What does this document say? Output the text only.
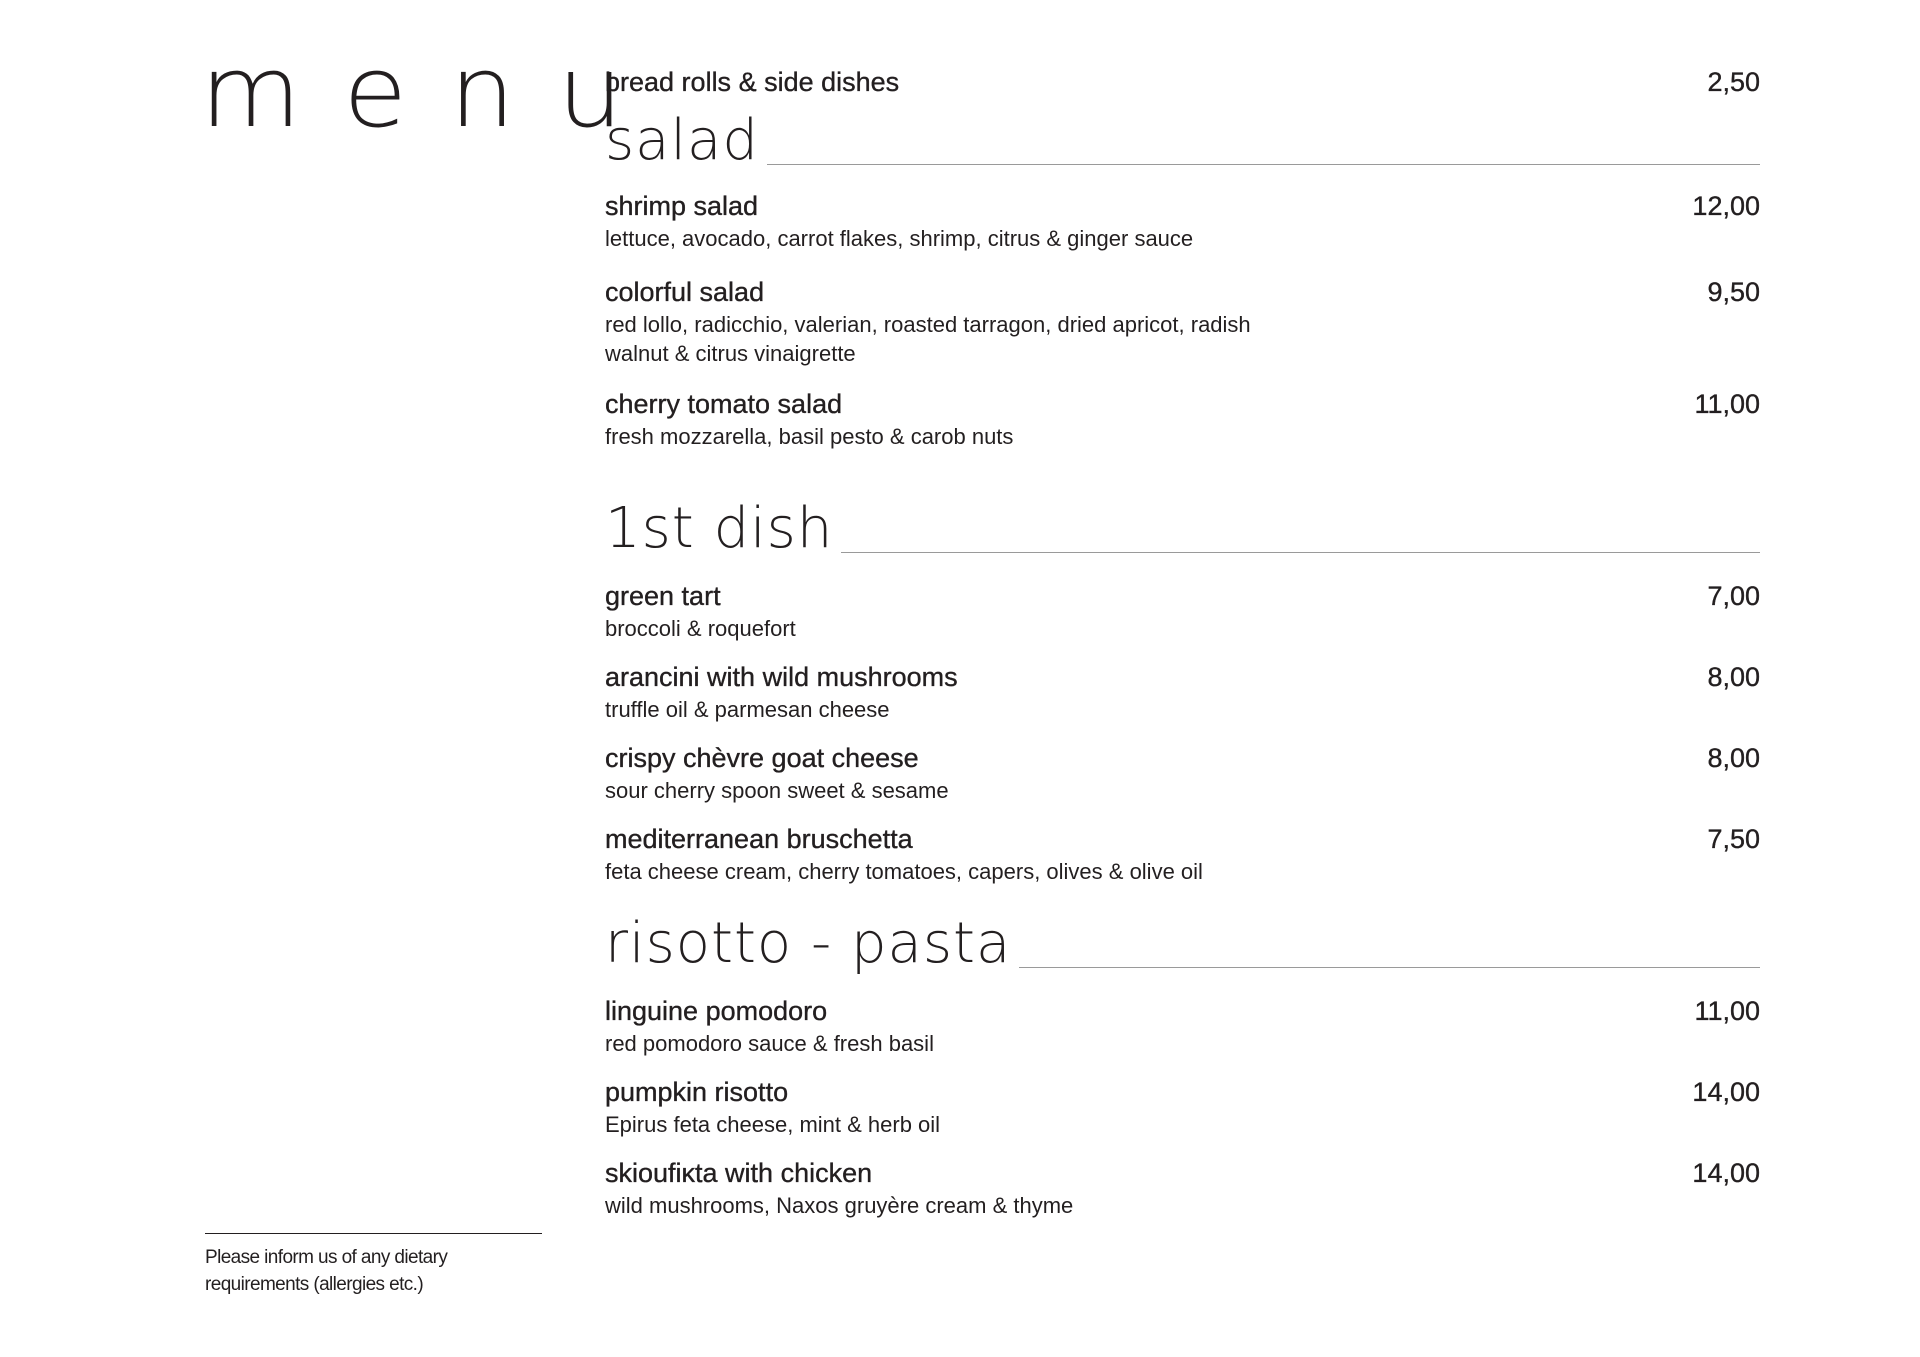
menu
Please inform us of any dietary
requirements (allergies etc.)
bread rolls & side dishes	2,50
salad
shrimp salad	12,00
lettuce, avocado, carrot flakes, shrimp, citrus & ginger sauce
colorful salad	9,50
red lollo, radicchio, valerian, roasted tarragon, dried apricot, radish
walnut & citrus vinaigrette
cherry tomato salad	11,00
fresh mozzarella, basil pesto & carob nuts
1st dish
green tart	7,00
broccoli & roquefort
arancini with wild mushrooms	8,00
truffle oil & parmesan cheese
crispy chèvre goat cheese	8,00
sour cherry spoon sweet & sesame
mediterranean bruschetta	7,50
feta cheese cream, cherry tomatoes, capers, olives & olive oil
risotto - pasta
linguine pomodoro	11,00
red pomodoro sauce & fresh basil
pumpkin risotto	14,00
Epirus feta cheese, mint & herb oil
skioufiκta with chicken	14,00
wild mushrooms, Naxos gruyère cream & thyme
